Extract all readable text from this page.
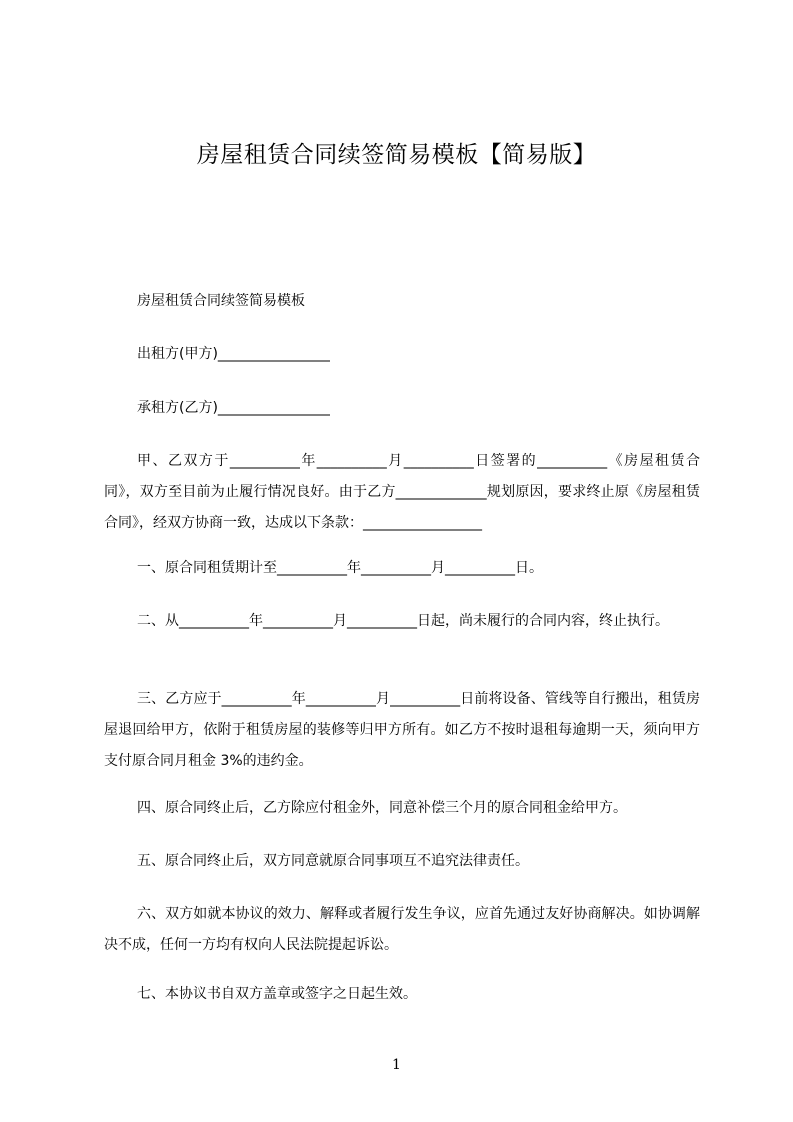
房屋租赁合同续签简易模板【简易版】

房屋租赁合同续签简易模板

出租方(甲方)________________

承租方(乙方)________________

甲、乙双方于__________年__________月__________日签署的__________《房屋租赁合同》，双方至目前为止履行情况良好。由于乙方_____________规划原因，要求终止原《房屋租赁合同》，经双方协商一致，达成以下条款：_________________

一、原合同租赁期计至__________年__________月__________日。

二、从__________年__________月__________日起，尚未履行的合同内容，终止执行。

三、乙方应于__________年__________月__________日前将设备、管线等自行搬出，租赁房屋退回给甲方，依附于租赁房屋的装修等归甲方所有。如乙方不按时退租每逾期一天，须向甲方支付原合同月租金 3%的违约金。

四、原合同终止后，乙方除应付租金外，同意补偿三个月的原合同租金给甲方。

五、原合同终止后，双方同意就原合同事项互不追究法律责任。

六、双方如就本协议的效力、解释或者履行发生争议，应首先通过友好协商解决。如协调解决不成，任何一方均有权向人民法院提起诉讼。

七、本协议书自双方盖章或签字之日起生效。

1
